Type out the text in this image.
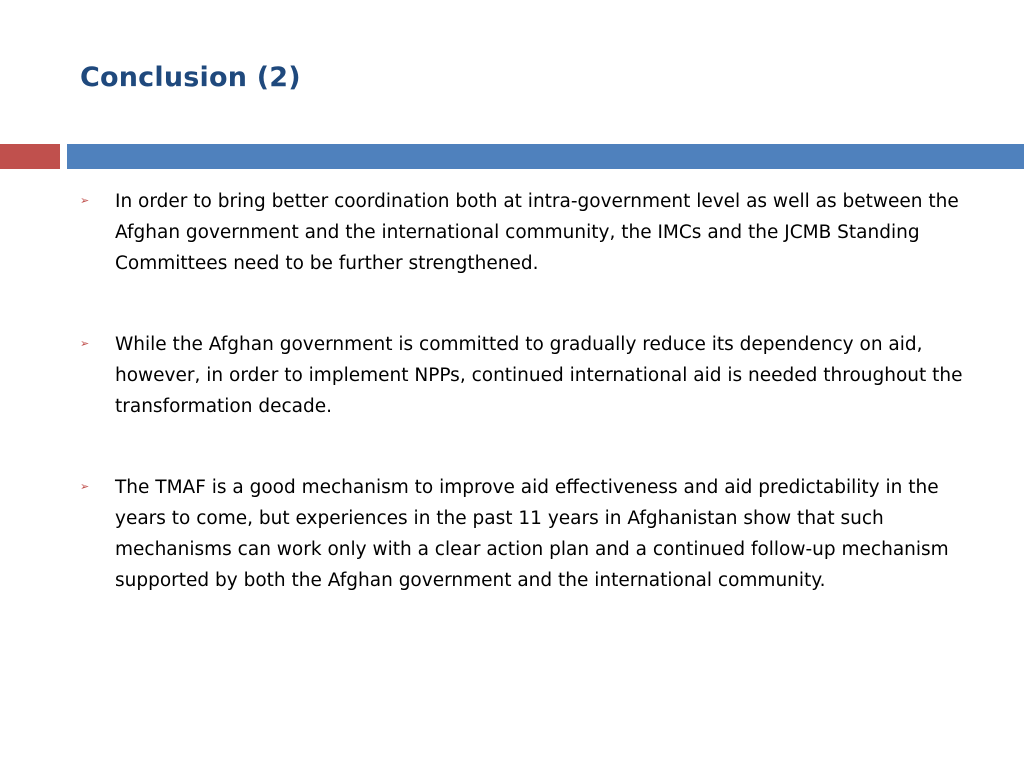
Conclusion (2)
➢ In order to bring better coordination both at intra-government level as well as between the Afghan government and the international community, the IMCs and the JCMB Standing Committees need to be further strengthened.

➢ While the Afghan government is committed to gradually reduce its dependency on aid, however, in order to implement NPPs, continued international aid is needed throughout the transformation decade.

➢ The TMAF is a good mechanism to improve aid effectiveness and aid predictability in the years to come, but experiences in the past 11 years in Afghanistan show that such mechanisms can work only with a clear action plan and a continued follow-up mechanism supported by both the Afghan government and the international community.
